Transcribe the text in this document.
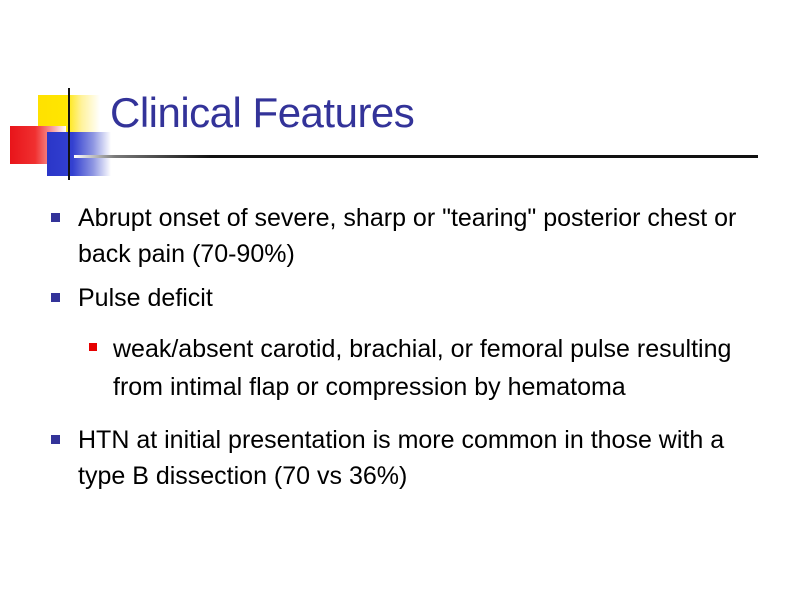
Clinical Features
Abrupt onset of severe, sharp or "tearing" posterior chest or back pain (70-90%)
Pulse deficit
weak/absent carotid, brachial, or femoral pulse resulting from intimal flap or compression by hematoma
HTN at initial presentation is more common in those with a type B dissection (70 vs 36%)
